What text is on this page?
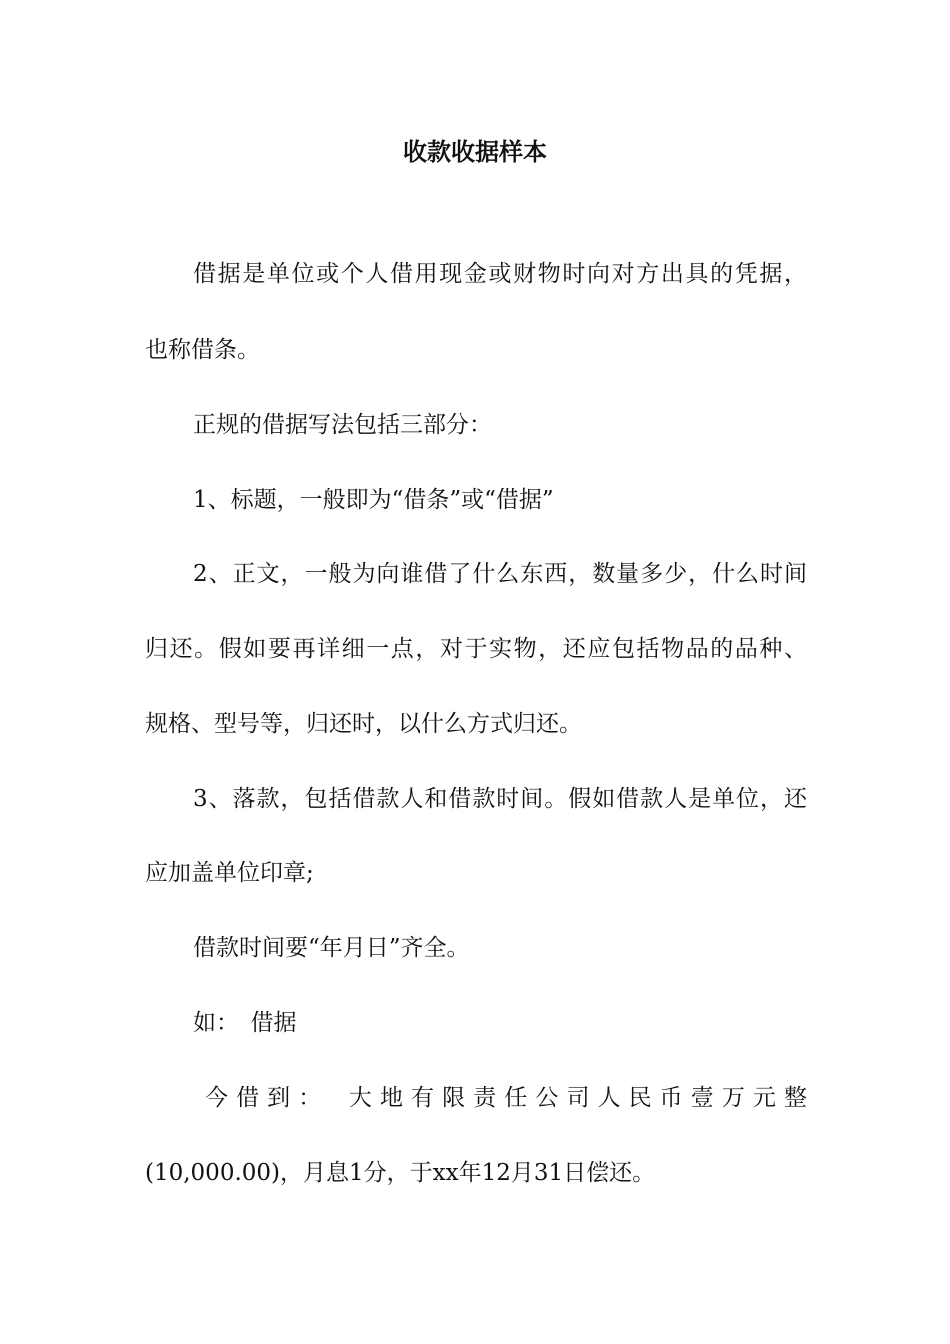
收款收据样本
借据是单位或个人借用现金或财物时向对方出具的凭据，
也称借条。
正规的借据写法包括三部分：
1、标题，一般即为“借条”或“借据”
2、正文，一般为向谁借了什么东西，数量多少，什么时间
归还。假如要再详细一点，对于实物，还应包括物品的品种、
规格、型号等，归还时，以什么方式归还。
3、落款，包括借款人和借款时间。假如借款人是单位，还
应加盖单位印章;
借款时间要“年月日”齐全。
如：　借据
今借到：　大地有限责任公司人民币壹万元整
(10,000.00)，月息1分，于xx年12月31日偿还。
